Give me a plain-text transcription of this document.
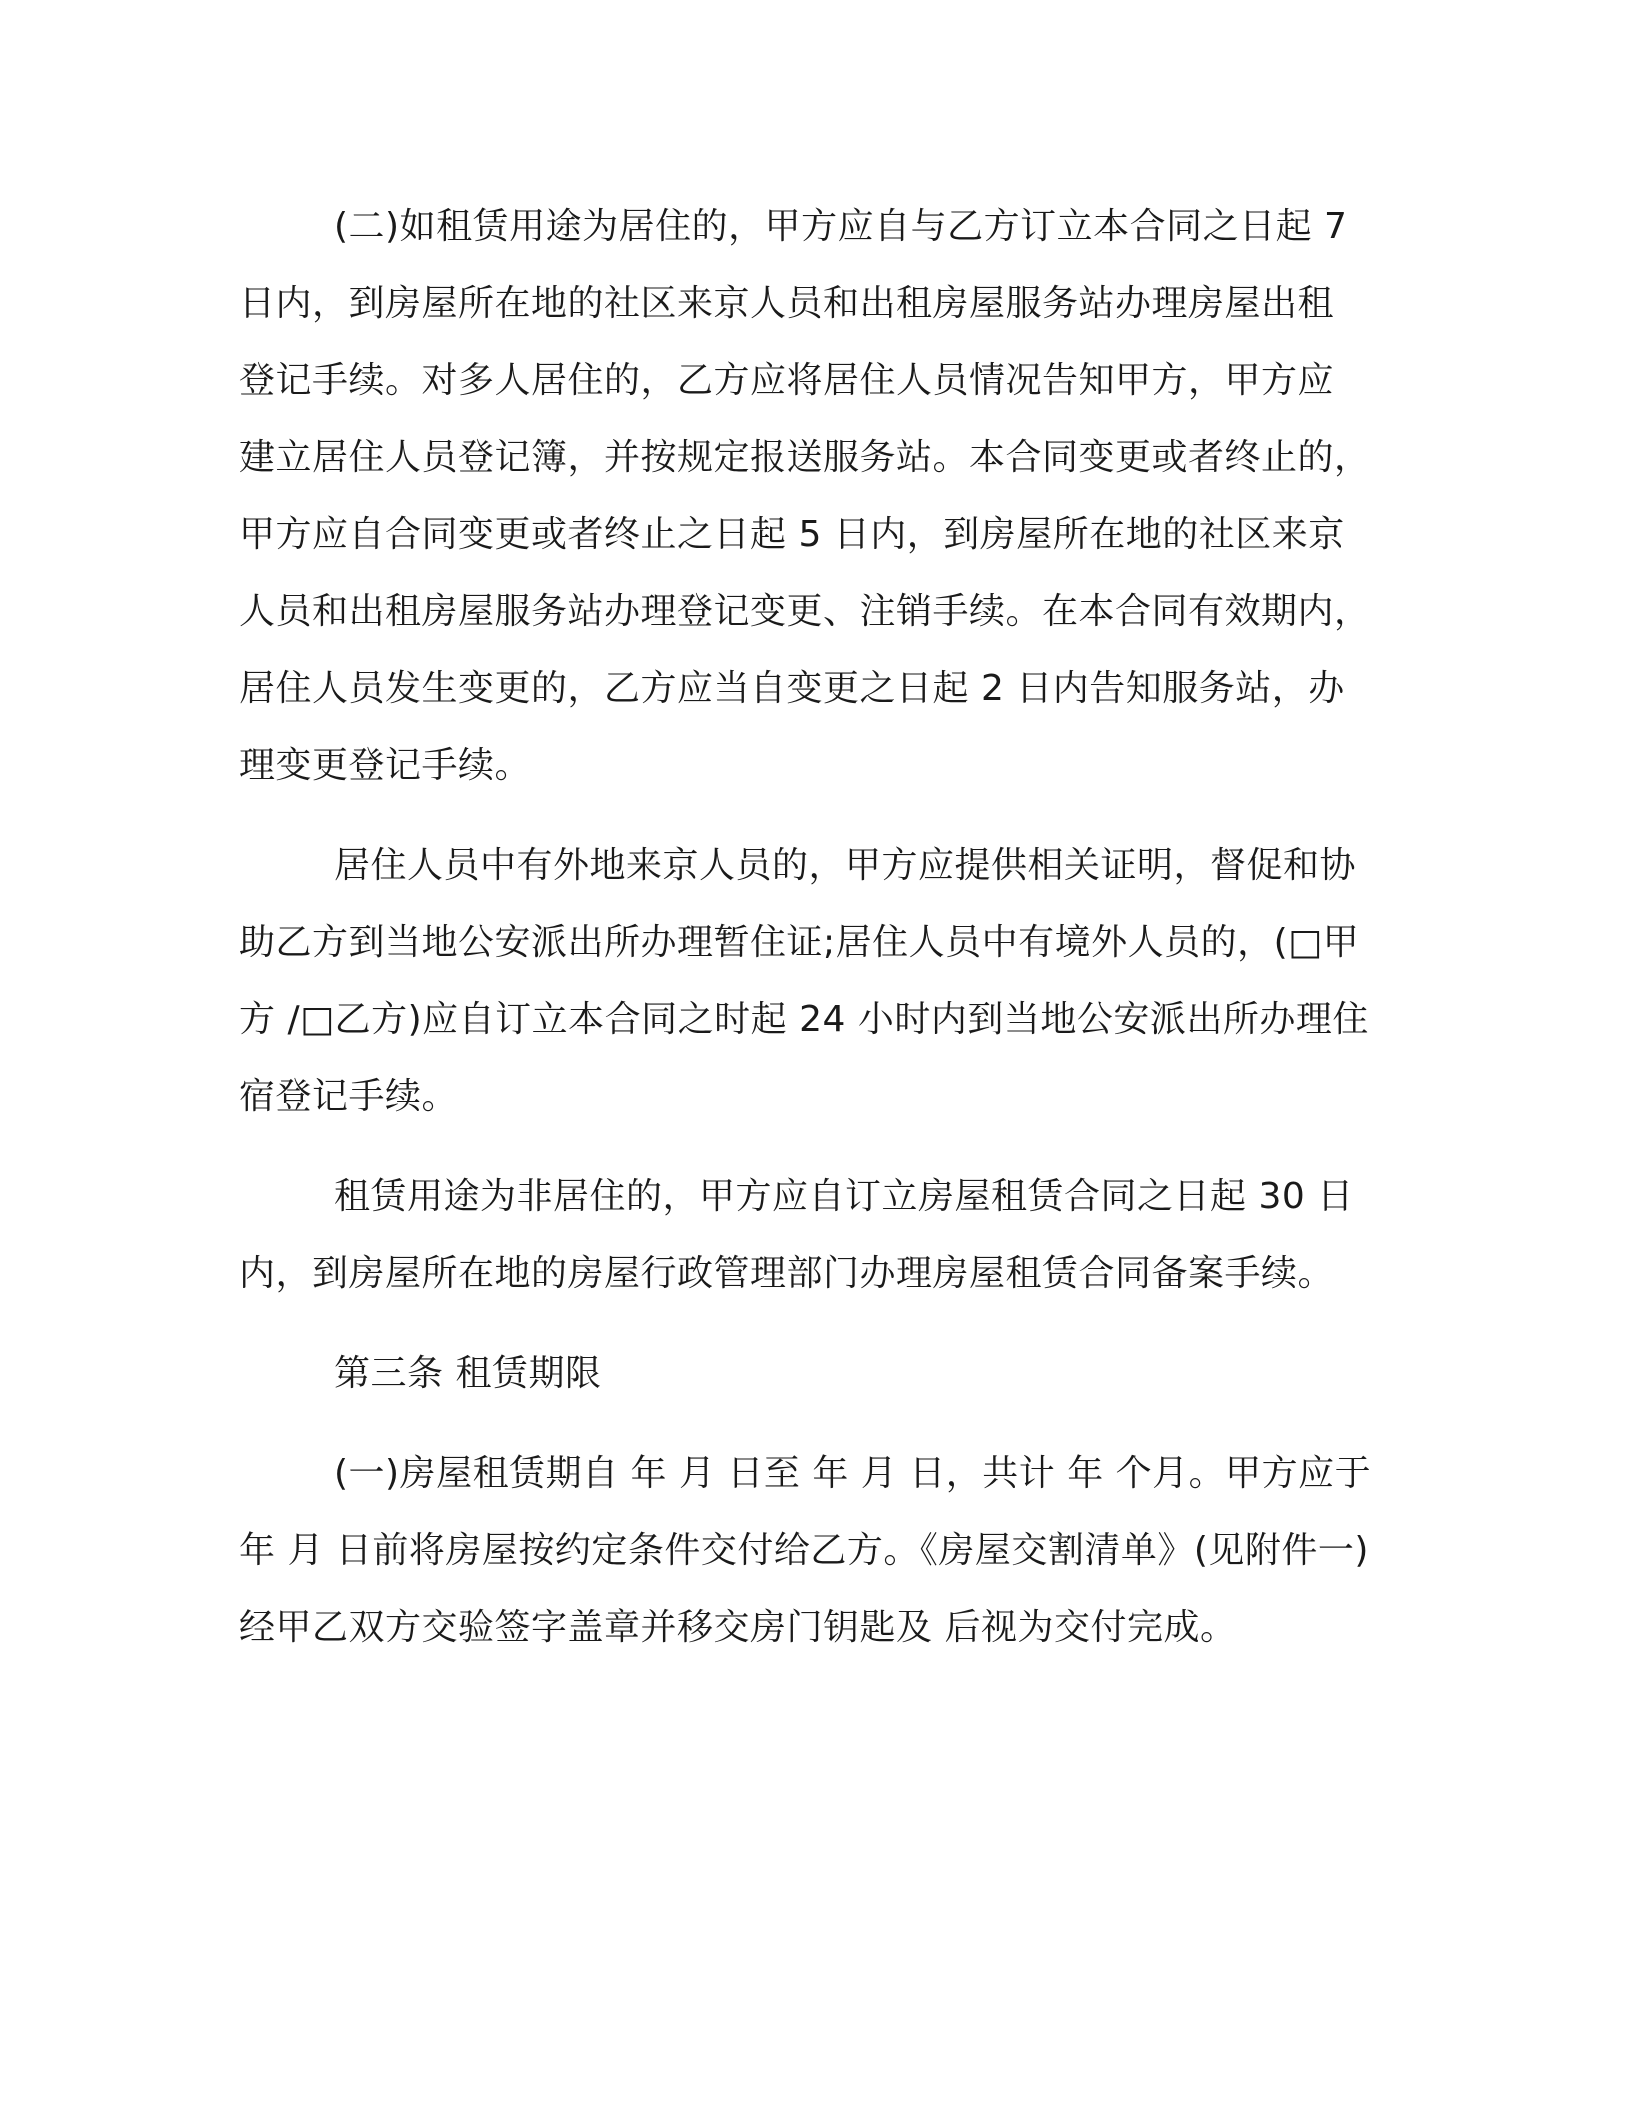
(二)如租赁用途为居住的，甲方应自与乙方订立本合同之日起 7
日内，到房屋所在地的社区来京人员和出租房屋服务站办理房屋出租
登记手续。对多人居住的，乙方应将居住人员情况告知甲方，甲方应
建立居住人员登记簿，并按规定报送服务站。本合同变更或者终止的，
甲方应自合同变更或者终止之日起 5 日内，到房屋所在地的社区来京
人员和出租房屋服务站办理登记变更、注销手续。在本合同有效期内，
居住人员发生变更的，乙方应当自变更之日起 2 日内告知服务站，办
理变更登记手续。

居住人员中有外地来京人员的，甲方应提供相关证明，督促和协
助乙方到当地公安派出所办理暂住证;居住人员中有境外人员的，(□甲
方 /□乙方)应自订立本合同之时起 24 小时内到当地公安派出所办理住
宿登记手续。

租赁用途为非居住的，甲方应自订立房屋租赁合同之日起 30 日
内，到房屋所在地的房屋行政管理部门办理房屋租赁合同备案手续。

第三条 租赁期限

(一)房屋租赁期自 年 月 日至 年 月 日，共计 年 个月。甲方应于
年 月 日前将房屋按约定条件交付给乙方。《房屋交割清单》(见附件一)
经甲乙双方交验签字盖章并移交房门钥匙及 后视为交付完成。
